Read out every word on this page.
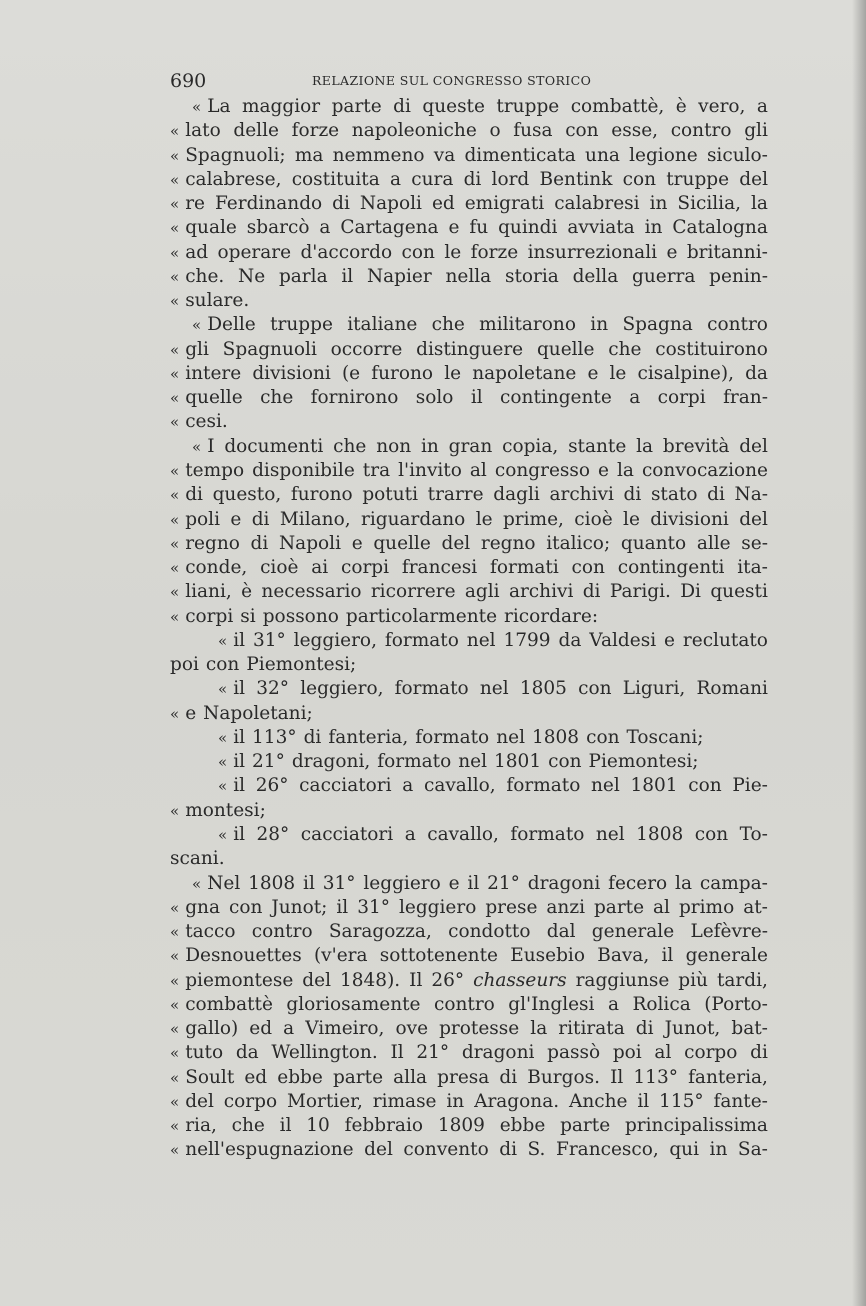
690	RELAZIONE SUL CONGRESSO STORICO
« La maggior parte di queste truppe combattè, è vero, a
« lato delle forze napoleoniche o fusa con esse, contro gli
« Spagnuoli; ma nemmeno va dimenticata una legione siculo-
« calabrese, costituita a cura di lord Bentink con truppe del
« re Ferdinando di Napoli ed emigrati calabresi in Sicilia, la
« quale sbarcò a Cartagena e fu quindi avviata in Catalogna
« ad operare d'accordo con le forze insurrezionali e britanni-
« che. Ne parla il Napier nella storia della guerra penin-
« sulare.
« Delle truppe italiane che militarono in Spagna contro
« gli Spagnuoli occorre distinguere quelle che costituirono
« intere divisioni (e furono le napoletane e le cisalpine), da
« quelle che fornirono solo il contingente a corpi fran-
« cesi.
« I documenti che non in gran copia, stante la brevità del
« tempo disponibile tra l'invito al congresso e la convocazione
« di questo, furono potuti trarre dagli archivi di stato di Na-
« poli e di Milano, riguardano le prime, cioè le divisioni del
« regno di Napoli e quelle del regno italico; quanto alle se-
« conde, cioè ai corpi francesi formati con contingenti ita-
« liani, è necessario ricorrere agli archivi di Parigi. Di questi
« corpi si possono particolarmente ricordare:
« il 31° leggiero, formato nel 1799 da Valdesi e reclutato
poi con Piemontesi;
« il 32° leggiero, formato nel 1805 con Liguri, Romani
« e Napoletani;
« il 113° di fanteria, formato nel 1808 con Toscani;
« il 21° dragoni, formato nel 1801 con Piemontesi;
« il 26° cacciatori a cavallo, formato nel 1801 con Pie-
« montesi;
« il 28° cacciatori a cavallo, formato nel 1808 con To-
scani.
« Nel 1808 il 31° leggiero e il 21° dragoni fecero la campa-
« gna con Junot; il 31° leggiero prese anzi parte al primo at-
« tacco contro Saragozza, condotto dal generale Lefèvre-
« Desnouettes (v'era sottotenente Eusebio Bava, il generale
« piemontese del 1848). Il 26° chasseurs raggiunse più tardi,
« combattè gloriosamente contro gl'Inglesi a Rolica (Porto-
« gallo) ed a Vimeiro, ove protesse la ritirata di Junot, bat-
« tuto da Wellington. Il 21° dragoni passò poi al corpo di
« Soult ed ebbe parte alla presa di Burgos. Il 113° fanteria,
« del corpo Mortier, rimase in Aragona. Anche il 115° fante-
« ria, che il 10 febbraio 1809 ebbe parte principalissima
« nell'espugnazione del convento di S. Francesco, qui in Sa-
